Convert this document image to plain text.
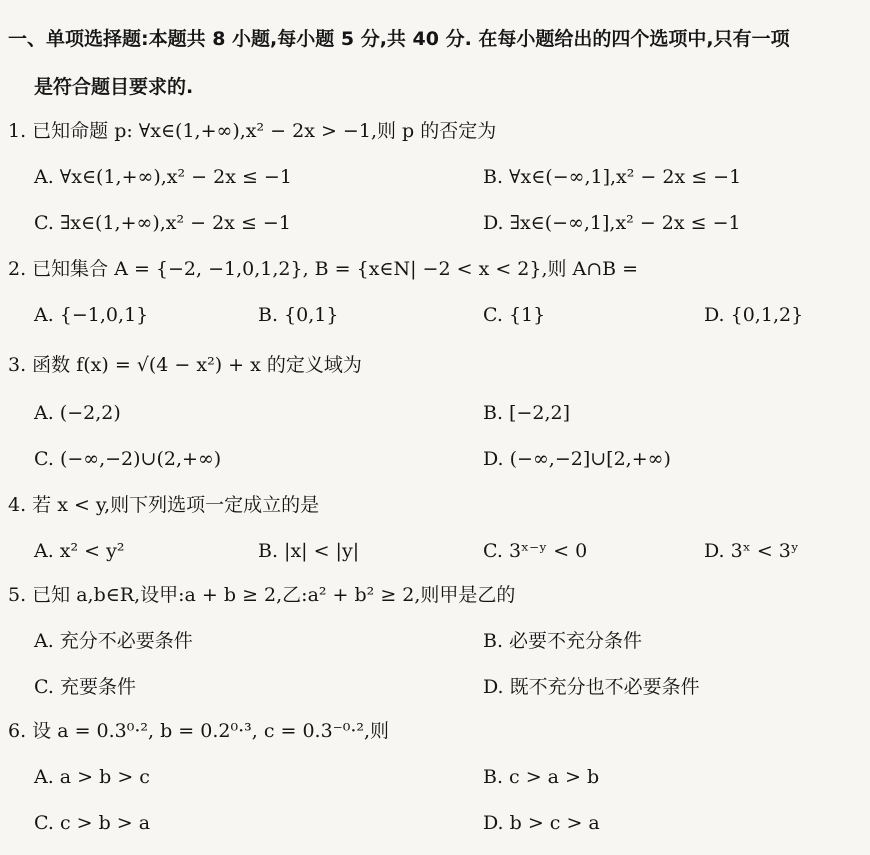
一、单项选择题:本题共 8 小题,每小题 5 分,共 40 分. 在每小题给出的四个选项中,只有一项
是符合题目要求的.
1. 已知命题 p: ∀x∈(1,+∞),x² − 2x > −1,则 p 的否定为
A. ∀x∈(1,+∞),x² − 2x ≤ −1	B. ∀x∈(−∞,1],x² − 2x ≤ −1
C. ∃x∈(1,+∞),x² − 2x ≤ −1	D. ∃x∈(−∞,1],x² − 2x ≤ −1
2. 已知集合 A = {−2, −1,0,1,2}, B = {x∈N| −2 < x < 2},则 A∩B =
A. {−1,0,1}	B. {0,1}	C. {1}	D. {0,1,2}
3. 函数 f(x) = √(4 − x²) + x 的定义域为
A. (−2,2)	B. [−2,2]
C. (−∞,−2)∪(2,+∞)	D. (−∞,−2]∪[2,+∞)
4. 若 x < y,则下列选项一定成立的是
A. x² < y²	B. |x| < |y|	C. 3ˣ⁻ʸ < 0	D. 3ˣ < 3ʸ
5. 已知 a,b∈R,设甲:a + b ≥ 2,乙:a² + b² ≥ 2,则甲是乙的
A. 充分不必要条件	B. 必要不充分条件
C. 充要条件	D. 既不充分也不必要条件
6. 设 a = 0.3⁰·², b = 0.2⁰·³, c = 0.3⁻⁰·²,则
A. a > b > c	B. c > a > b
C. c > b > a	D. b > c > a
